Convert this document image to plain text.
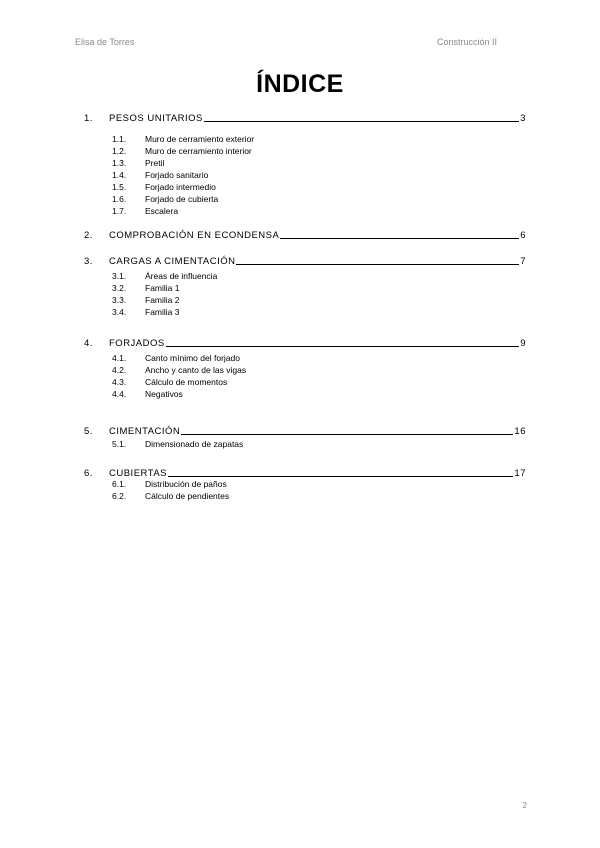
Elisa de Torres	Construcción II
ÍNDICE
1.	PESOS UNITARIOS	3
1.1.	Muro de cerramiento exterior
1.2.	Muro de cerramiento interior
1.3.	Pretil
1.4.	Forjado sanitario
1.5.	Forjado intermedio
1.6.	Forjado de cubierta
1.7.	Escalera
2.	COMPROBACIÓN EN ECONDENSA	6
3.	CARGAS A CIMENTACIÓN	7
3.1.	Áreas de influencia
3.2.	Familia 1
3.3.	Familia 2
3.4.	Familia 3
4.	FORJADOS	9
4.1.	Canto mínimo del forjado
4.2.	Ancho y canto de las vigas
4.3.	Cálculo de momentos
4.4.	Negativos
5.	CIMENTACIÓN	16
5.1.	Dimensionado de zapatas
6.	CUBIERTAS	17
6.1.	Distribución de paños
6.2.	Cálculo de pendientes
2
